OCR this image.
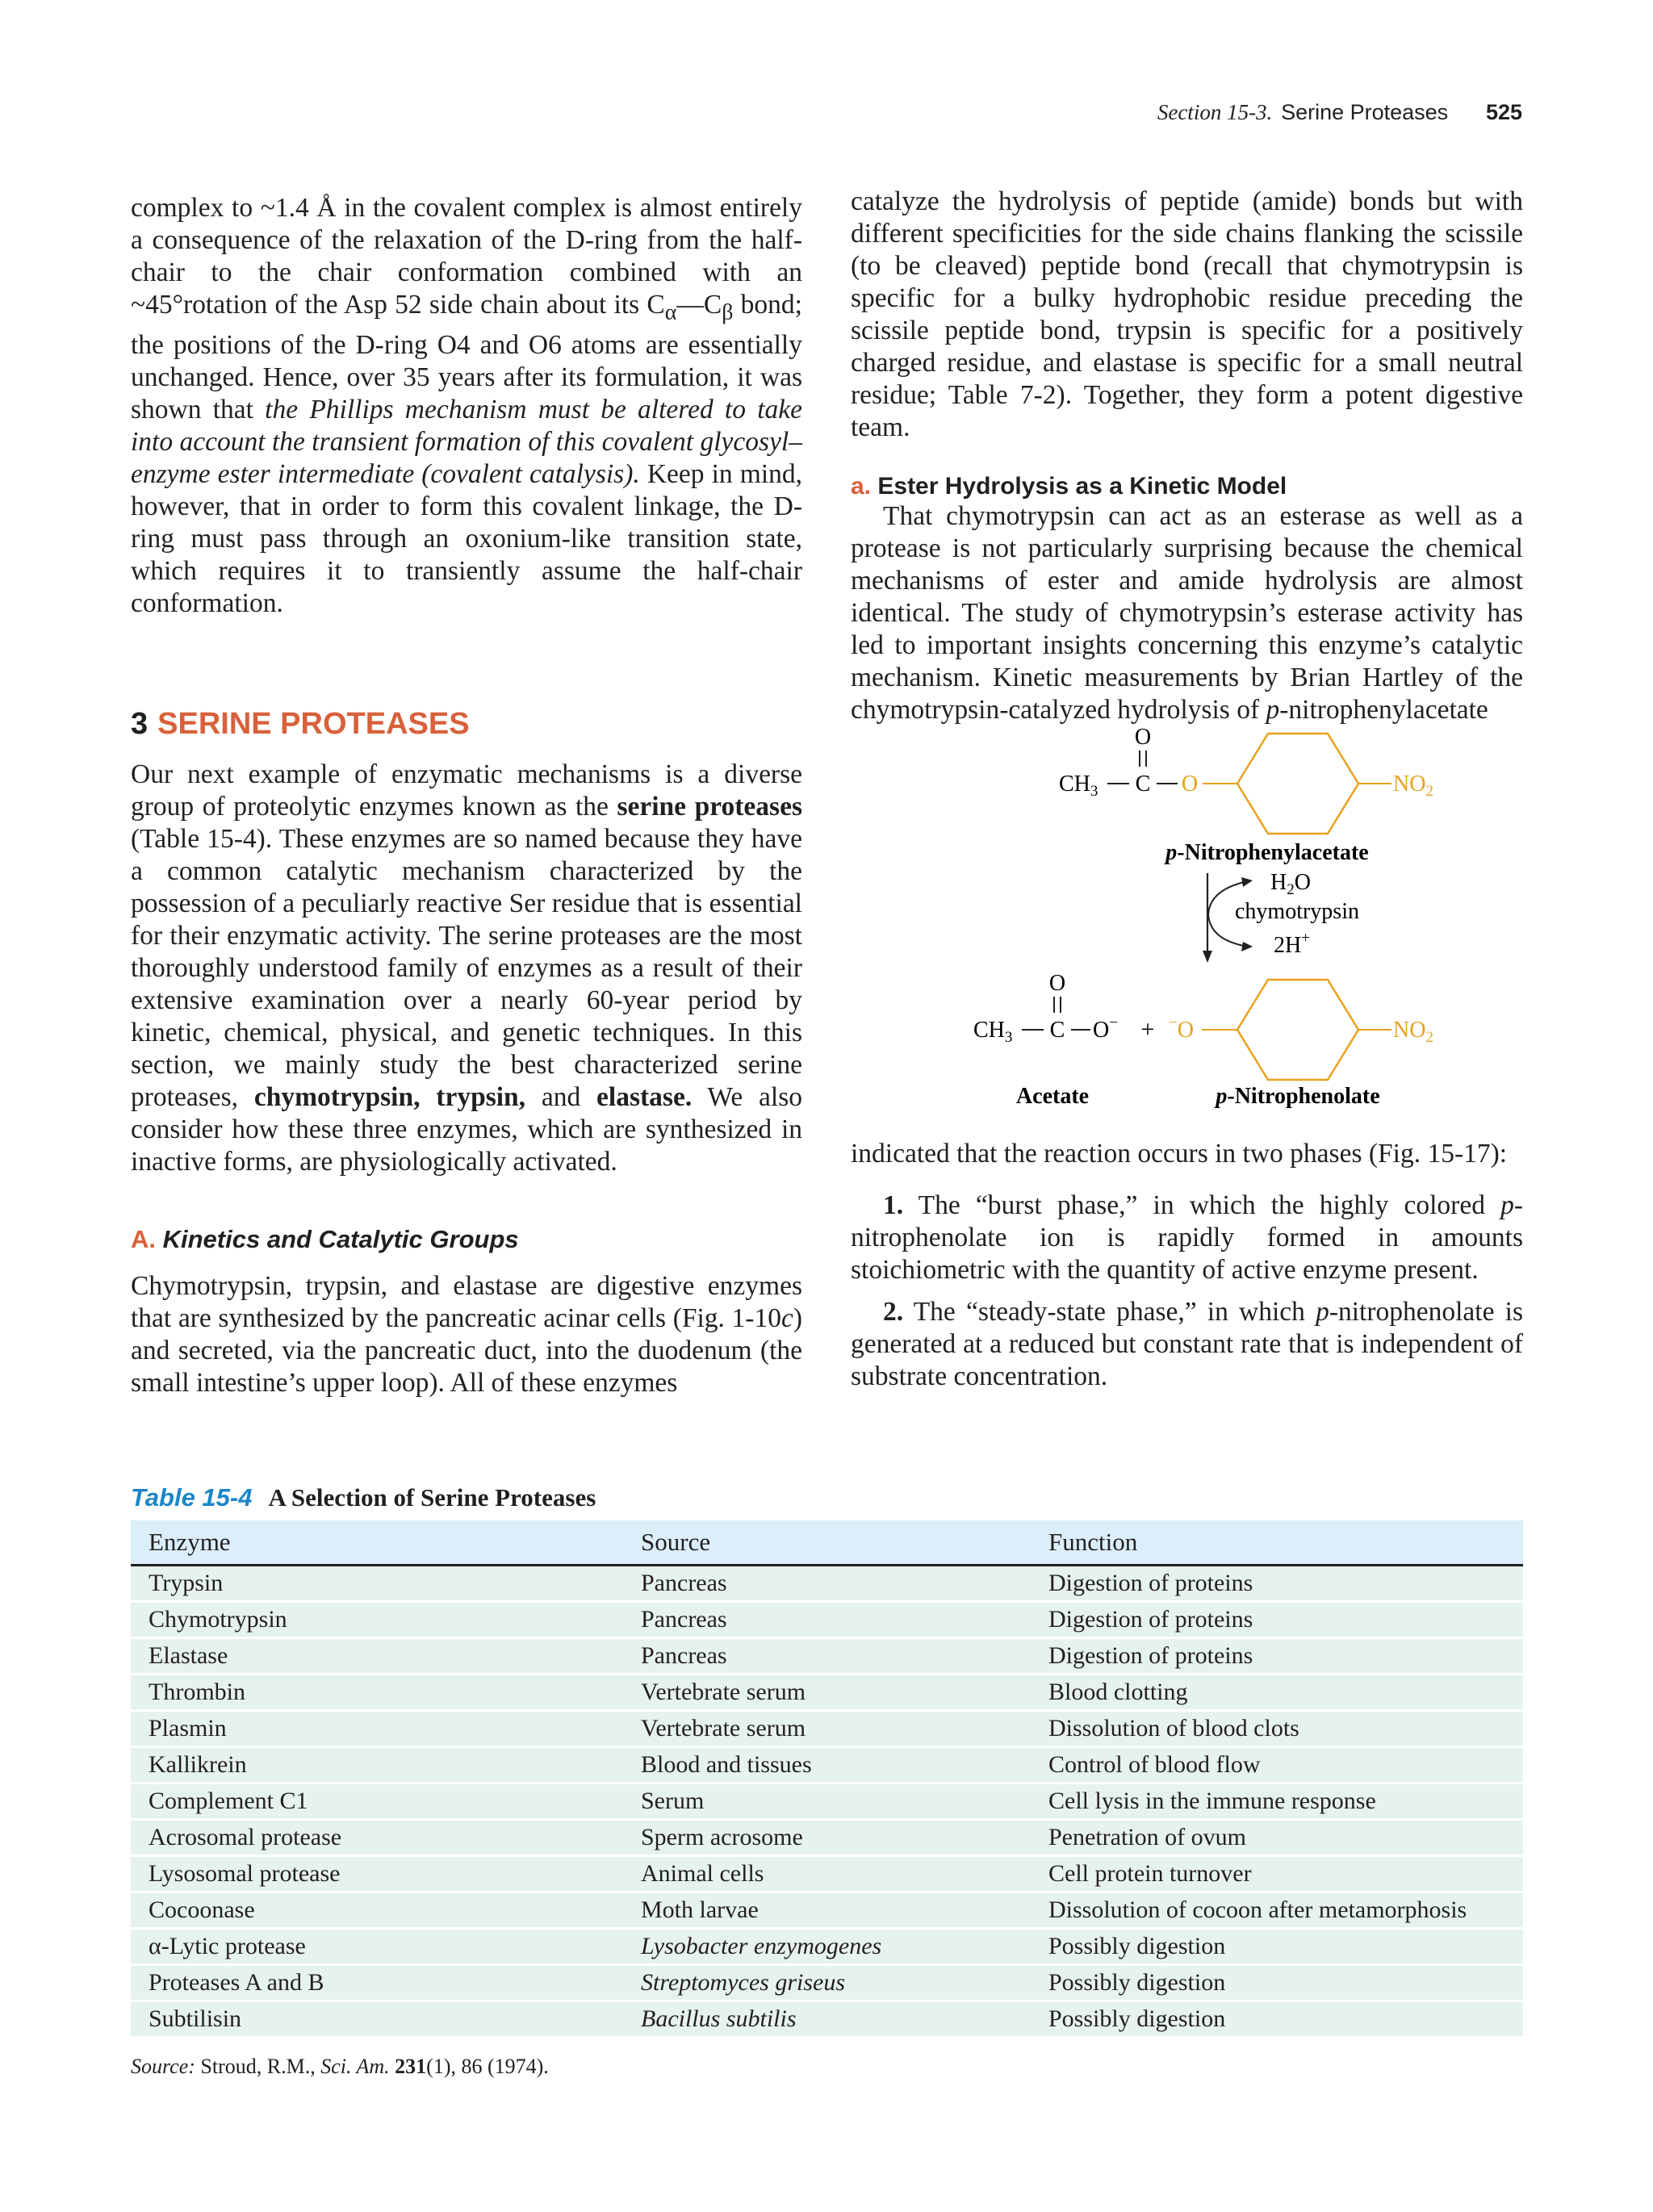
Section 15-3. Serine Proteases 525

complex to ~1.4 Å in the covalent complex is almost entirely a consequence of the relaxation of the D-ring from the half-chair to the chair conformation combined with an ~45°rotation of the Asp 52 side chain about its $C_\alpha—C_\beta$ bond; the positions of the D-ring O4 and O6 atoms are essentially unchanged. Hence, over 35 years after its formulation, it was shown that the Phillips mechanism must be altered to take into account the transient formation of this covalent glycosyl–enzyme ester intermediate (covalent catalysis). Keep in mind, however, that in order to form this covalent linkage, the D-ring must pass through an oxonium-like transition state, which requires it to transiently assume the half-chair conformation.

3 SERINE PROTEASES

Our next example of enzymatic mechanisms is a diverse group of proteolytic enzymes known as the serine proteases (Table 15-4). These enzymes are so named because they have a common catalytic mechanism characterized by the possession of a peculiarly reactive Ser residue that is essential for their enzymatic activity. The serine proteases are the most thoroughly understood family of enzymes as a result of their extensive examination over a nearly 60-year period by kinetic, chemical, physical, and genetic techniques. In this section, we mainly study the best characterized serine proteases, chymotrypsin, trypsin, and elastase. We also consider how these three enzymes, which are synthesized in inactive forms, are physiologically activated.

A. Kinetics and Catalytic Groups

Chymotrypsin, trypsin, and elastase are digestive enzymes that are synthesized by the pancreatic acinar cells (Fig. 1-10c) and secreted, via the pancreatic duct, into the duodenum (the small intestine’s upper loop). All of these enzymes

catalyze the hydrolysis of peptide (amide) bonds but with different specificities for the side chains flanking the scissile (to be cleaved) peptide bond (recall that chymotrypsin is specific for a bulky hydrophobic residue preceding the scissile peptide bond, trypsin is specific for a positively charged residue, and elastase is specific for a small neutral residue; Table 7-2). Together, they form a potent digestive team.

a. Ester Hydrolysis as a Kinetic Model

That chymotrypsin can act as an esterase as well as a protease is not particularly surprising because the chemical mechanisms of ester and amide hydrolysis are almost identical. The study of chymotrypsin’s esterase activity has led to important insights concerning this enzyme’s catalytic mechanism. Kinetic measurements by Brian Hartley of the chymotrypsin-catalyzed hydrolysis of p-nitrophenylacetate

O
$CH_3$ C O	$NO_2$
p-Nitrophenylacetate
$H_2O$
chymotrypsin
2H+
O
$CH_3$ C O− + −O	$NO_2$
Acetate	p-Nitrophenolate

indicated that the reaction occurs in two phases (Fig. 15-17):

1. The “burst phase,” in which the highly colored p-nitrophenolate ion is rapidly formed in amounts stoichiometric with the quantity of active enzyme present.

2. The “steady-state phase,” in which p-nitrophenolate is generated at a reduced but constant rate that is independent of substrate concentration.

Table 15-4 A Selection of Serine Proteases
Enzyme	Source	Function
Trypsin	Pancreas	Digestion of proteins
Chymotrypsin	Pancreas	Digestion of proteins
Elastase	Pancreas	Digestion of proteins
Thrombin	Vertebrate serum	Blood clotting
Plasmin	Vertebrate serum	Dissolution of blood clots
Kallikrein	Blood and tissues	Control of blood flow
Complement C1	Serum	Cell lysis in the immune response
Acrosomal protease	Sperm acrosome	Penetration of ovum
Lysosomal protease	Animal cells	Cell protein turnover
Cocoonase	Moth larvae	Dissolution of cocoon after metamorphosis
α-Lytic protease	Lysobacter enzymogenes	Possibly digestion
Proteases A and B	Streptomyces griseus	Possibly digestion
Subtilisin	Bacillus subtilis	Possibly digestion
Source: Stroud, R.M., Sci. Am. 231(1), 86 (1974).
